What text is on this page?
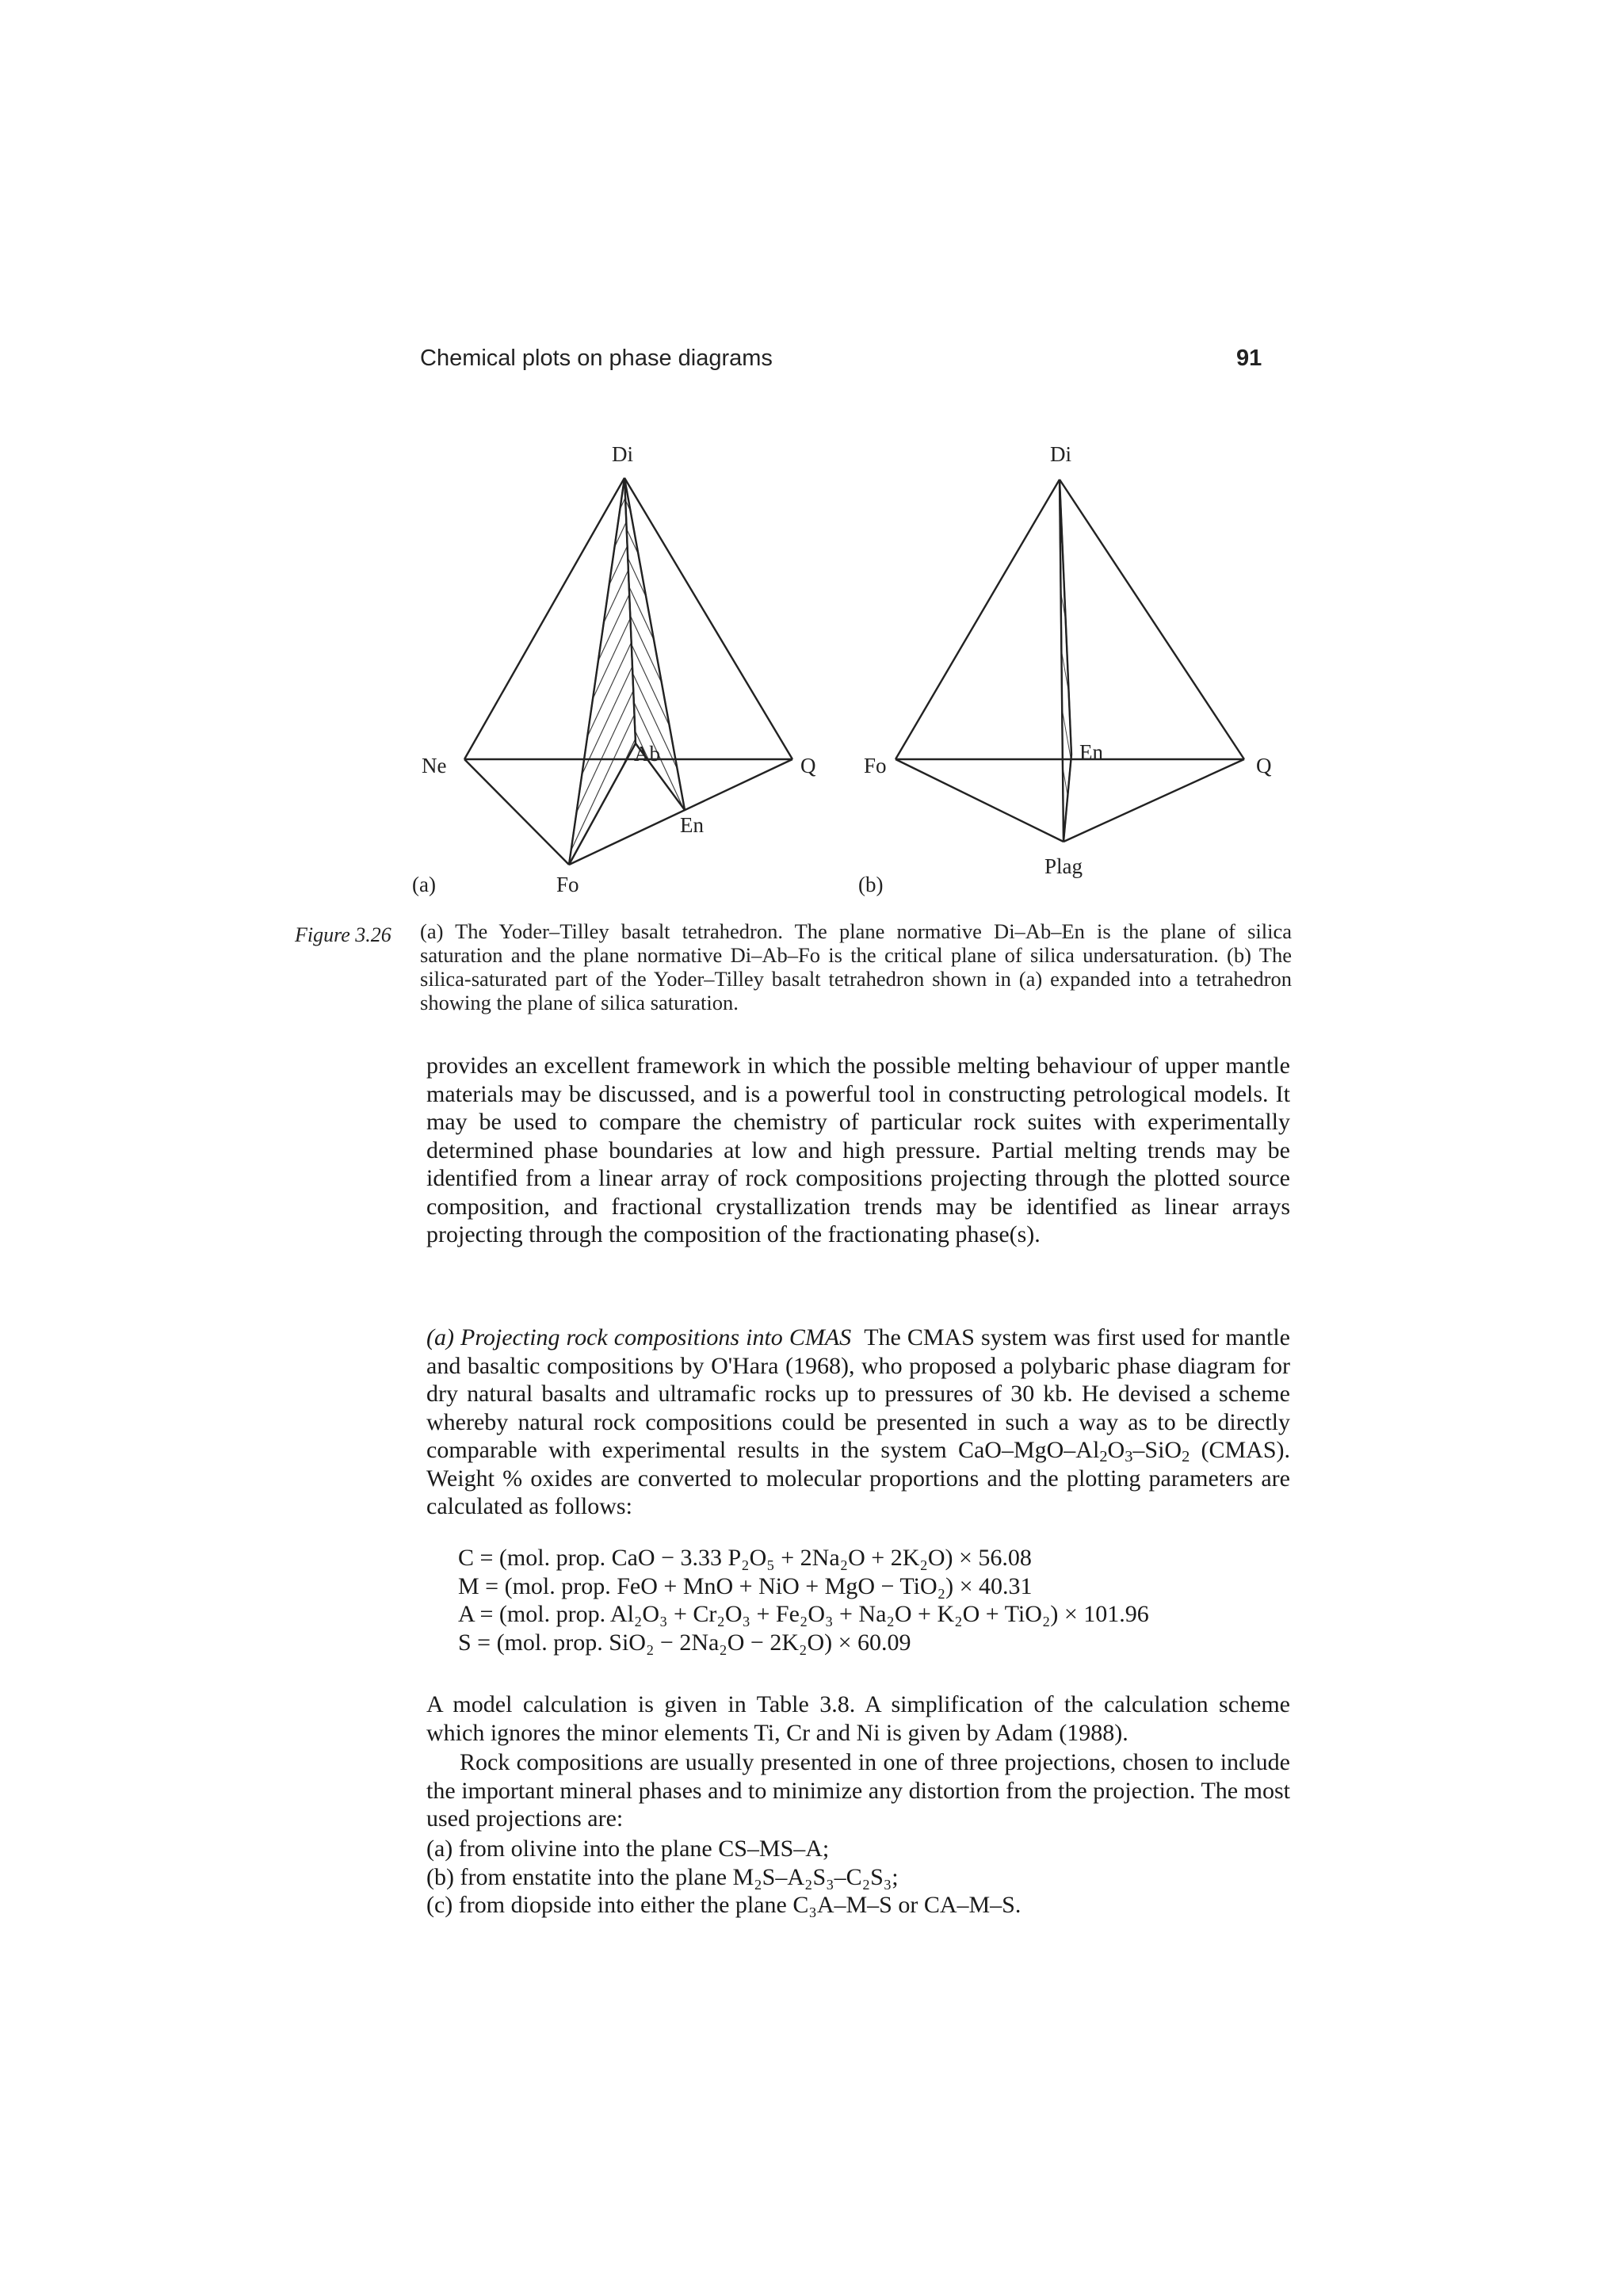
Chemical plots on phase diagrams	91
Di
Ne	Q
Fo
Ab
En
(a)
Di
Fo	Q
Plag
En
(b)
Figure 3.26 (a) The Yoder–Tilley basalt tetrahedron. The plane normative Di–Ab–En is the plane of silica saturation and the plane normative Di–Ab–Fo is the critical plane of silica undersaturation. (b) The silica-saturated part of the Yoder–Tilley basalt tetrahedron shown in (a) expanded into a tetrahedron showing the plane of silica saturation.

provides an excellent framework in which the possible melting behaviour of upper mantle materials may be discussed, and is a powerful tool in constructing petrological models. It may be used to compare the chemistry of particular rock suites with experimentally determined phase boundaries at low and high pressure. Partial melting trends may be identified from a linear array of rock compositions projecting through the plotted source composition, and fractional crystallization trends may be identified as linear arrays projecting through the composition of the fractionating phase(s).

(a) Projecting rock compositions into CMAS The CMAS system was first used for mantle and basaltic compositions by O'Hara (1968), who proposed a polybaric phase diagram for dry natural basalts and ultramafic rocks up to pressures of 30 kb. He devised a scheme whereby natural rock compositions could be presented in such a way as to be directly comparable with experimental results in the system CaO–$MgO-Al_2O_3-SiO_2$ (CMAS). Weight % oxides are converted to molecular proportions and the plotting parameters are calculated as follows:

C = (mol. prop. CaO − 3.33 P₂O₅ + 2Na₂O + 2K₂O) × 56.08
M = (mol. prop. FeO + MnO + NiO + MgO − TiO₂) × 40.31
A = (mol. prop. Al₂O₃ + Cr₂O₃ + Fe₂O₃ + Na₂O + K₂O + TiO₂) × 101.96
S = (mol. prop. SiO₂ − 2Na₂O − 2K₂O) × 60.09

A model calculation is given in Table 3.8. A simplification of the calculation scheme which ignores the minor elements Ti, Cr and Ni is given by Adam (1988).

Rock compositions are usually presented in one of three projections, chosen to include the important mineral phases and to minimize any distortion from the projection. The most used projections are:

(a) from olivine into the plane CS–MS–A;
(b) from enstatite into the plane M₂S–A₂S₃–C₂S₃;
(c) from diopside into either the plane C₃A–M–S or CA–M–S.
